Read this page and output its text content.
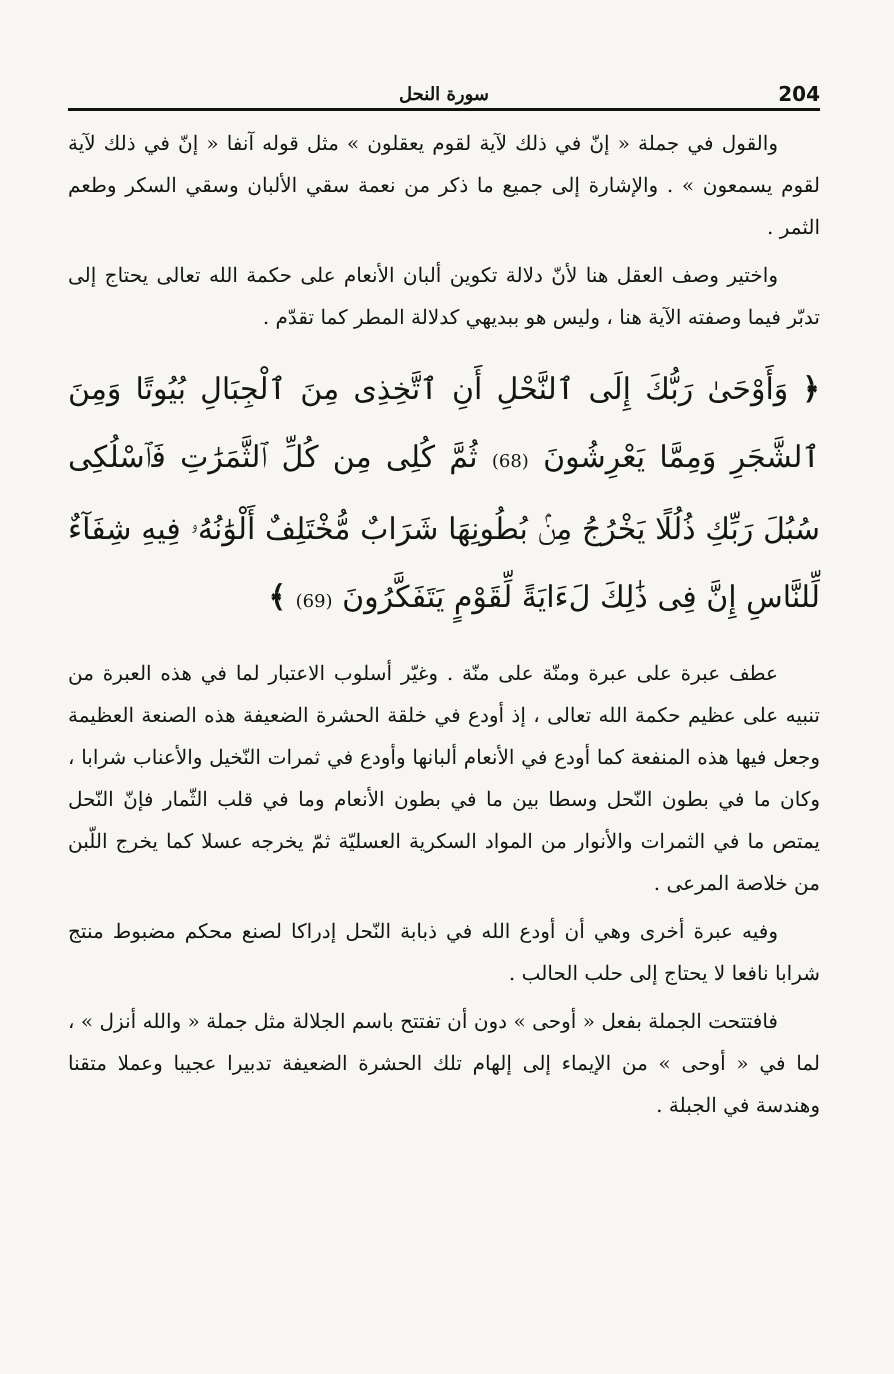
204
سورة النحل

والقول في جملة « إنّ في ذلك لآية لقوم يعقلون » مثل قوله آنفا « إنّ في ذلك لآية لقوم يسمعون » . والإشارة إلى جميع ما ذكر من نعمة سقي الألبان وسقي السكر وطعم الثمر .

واختير وصف العقل هنا لأنّ دلالة تكوين ألبان الأنعام على حكمة الله تعالى يحتاج إلى تدبّر فيما وصفته الآية هنا ، وليس هو ببديهي كدلالة المطر كما تقدّم .

﴿ وَأَوْحَىٰ رَبُّكَ إِلَى ٱلنَّحْلِ أَنِ ٱتَّخِذِى مِنَ ٱلْجِبَالِ بُيُوتًا وَمِنَ ٱلشَّجَرِ وَمِمَّا يَعْرِشُونَ (68) ثُمَّ كُلِى مِن كُلِّ ٱلثَّمَرَٰتِ فَٱسْلُكِى سُبُلَ رَبِّكِ ذُلُلًا يَخْرُجُ مِنۢ بُطُونِهَا شَرَابٌ مُّخْتَلِفٌ أَلْوَٰنُهُۥ فِيهِ شِفَآءٌ لِّلنَّاسِ إِنَّ فِى ذَٰلِكَ لَءَايَةً لِّقَوْمٍ يَتَفَكَّرُونَ (69) ﴾

عطف عبرة على عبرة ومنّة على منّة . وغيّر أسلوب الاعتبار لما في هذه العبرة من تنبيه على عظيم حكمة الله تعالى ، إذ أودع في خلقة الحشرة الضعيفة هذه الصنعة العظيمة وجعل فيها هذه المنفعة كما أودع في الأنعام ألبانها وأودع في ثمرات النّخيل والأعناب شرابا ، وكان ما في بطون النّحل وسطا بين ما في بطون الأنعام وما في قلب الثّمار فإنّ النّحل يمتص ما في الثمرات والأنوار من المواد السكرية العسليّة ثمّ يخرجه عسلا كما يخرج اللّبن من خلاصة المرعى .

وفيه عبرة أخرى وهي أن أودع الله في ذبابة النّحل إدراكا لصنع محكم مضبوط منتج شرابا نافعا لا يحتاج إلى حلب الحالب .

فافتتحت الجملة بفعل « أوحى » دون أن تفتتح باسم الجلالة مثل جملة « والله أنزل » ، لما في « أوحى » من الإيماء إلى إلهام تلك الحشرة الضعيفة تدبيرا عجيبا وعملا متقنا وهندسة في الجبلة .
